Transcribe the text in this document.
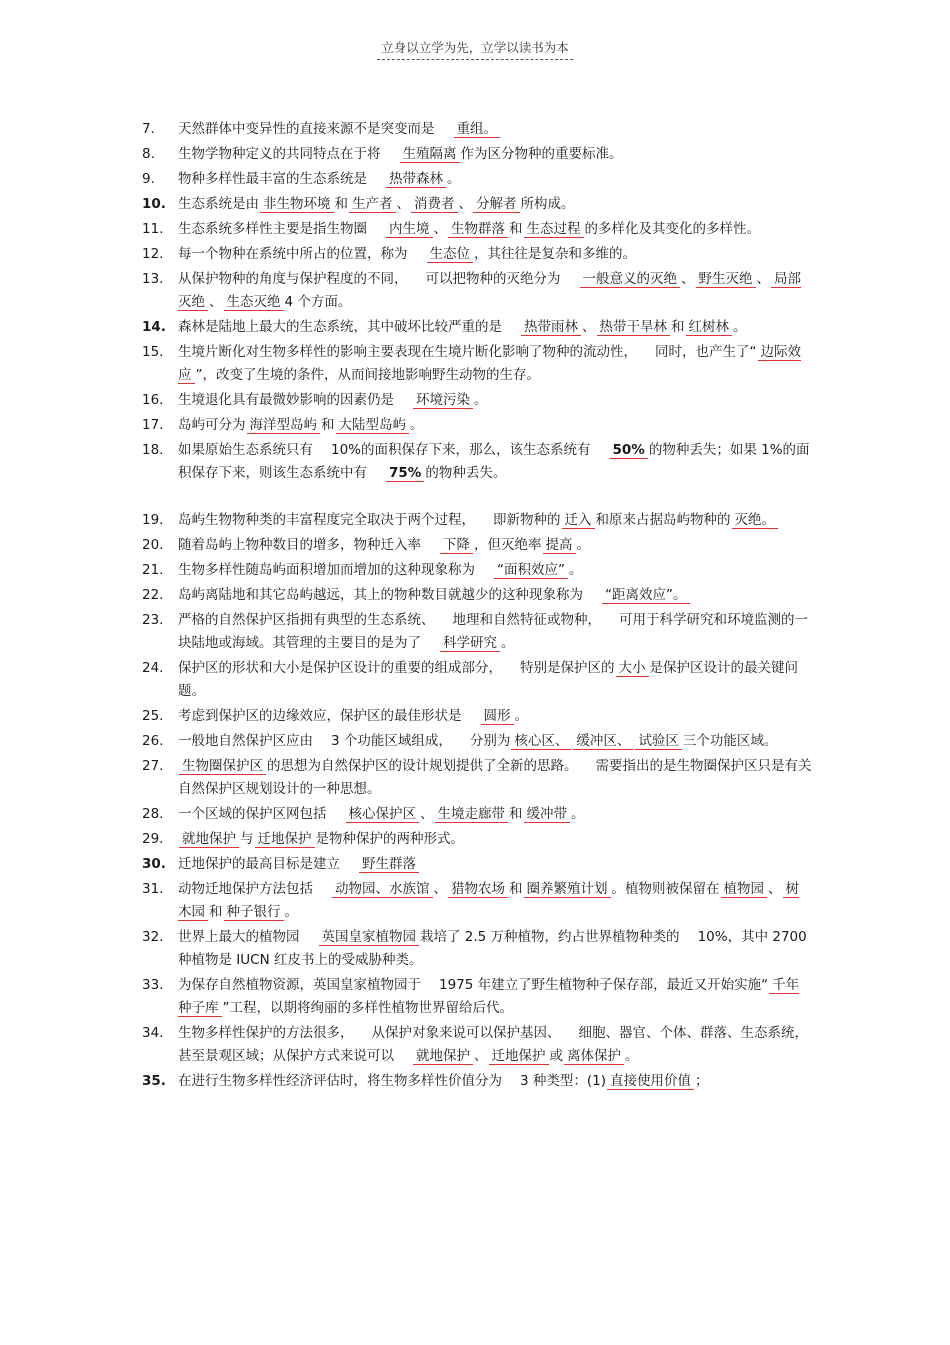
立身以立学为先，立学以读书为本
7.	天然群体中变异性的直接来源不是突变而是 重组。
8.	生物学物种定义的共同特点在于将 生殖隔离 作为区分物种的重要标准。
9.	物种多样性最丰富的生态系统是 热带森林 。
10. 生态系统是由 非生物环境 和 生产者 、 消费者 、 分解者 所构成。
11.	生态系统多样性主要是指生物圈 内生境 、 生物群落 和 生态过程 的多样化及其变化的多样性。
12.	每一个物种在系统中所占的位置，称为 生态位 ，其往往是复杂和多维的。
13.	从保护物种的角度与保护程度的不同， 可以把物种的灭绝分为 一般意义的灭绝 、 野生灭绝 、 局部灭绝 、 生态灭绝 4 个方面。
14. 森林是陆地上最大的生态系统，其中破坏比较严重的是 热带雨林 、 热带干旱林 和 红树林 。
15.	生境片断化对生物多样性的影响主要表现在生境片断化影响了物种的流动性， 同时，也产生了“ 边际效应 ”，改变了生境的条件，从而间接地影响野生动物的生存。
16.	生境退化具有最微妙影响的因素仍是 环境污染 。
17.	岛屿可分为 海洋型岛屿 和 大陆型岛屿 。
18.	如果原始生态系统只有 10%的面积保存下来，那么，该生态系统有 50% 的物种丢失；如果 1%的面积保存下来，则该生态系统中有 75% 的物种丢失。
19.	岛屿生物物种类的丰富程度完全取决于两个过程， 即新物种的 迁入 和原来占据岛屿物种的 灭绝。
20.	随着岛屿上物种数目的增多，物种迁入率 下降 ，但灭绝率 提高 。
21.	生物多样性随岛屿面积增加而增加的这种现象称为 “面积效应” 。
22.	岛屿离陆地和其它岛屿越远，其上的物种数目就越少的这种现象称为 “距离效应”。
23.	严格的自然保护区指拥有典型的生态系统、 地理和自然特征或物种， 可用于科学研究和环境监测的一块陆地或海域。其管理的主要目的是为了 科学研究 。
24.	保护区的形状和大小是保护区设计的重要的组成部分， 特别是保护区的 大小 是保护区设计的最关键问题。
25.	考虑到保护区的边缘效应，保护区的最佳形状是 圆形 。
26.	一般地自然保护区应由 3 个功能区域组成， 分别为 核心区、 缓冲区、 试验区 三个功能区域。
27.	生物圈保护区 的思想为自然保护区的设计规划提供了全新的思路。 需要指出的是生物圈保护区只是有关自然保护区规划设计的一种思想。
28.	一个区域的保护区网包括 核心保护区 、 生境走廊带 和 缓冲带 。
29.	就地保护 与 迁地保护 是物种保护的两种形式。
30. 迁地保护的最高目标是建立 野生群落
31.	动物迁地保护方法包括 动物园、水族馆 、 猎物农场 和 圈养繁殖计划 。植物则被保留在 植物园 、 树木园 和 种子银行 。
32.	世界上最大的植物园 英国皇家植物园 栽培了 2.5 万种植物，约占世界植物种类的 10%，其中 2700 种植物是 IUCN 红皮书上的受威胁种类。
33.	为保存自然植物资源，英国皇家植物园于 1975 年建立了野生植物种子保存部，最近又开始实施“ 千年种子库 ”工程，以期将绚丽的多样性植物世界留给后代。
34.	生物多样性保护的方法很多， 从保护对象来说可以保护基因、 细胞、器官、个体、群落、生态系统，甚至景观区域；从保护方式来说可以 就地保护 、 迁地保护 或 离体保护 。
35. 在进行生物多样性经济评估时，将生物多样性价值分为 3 种类型：(1) 直接使用价值 ；
